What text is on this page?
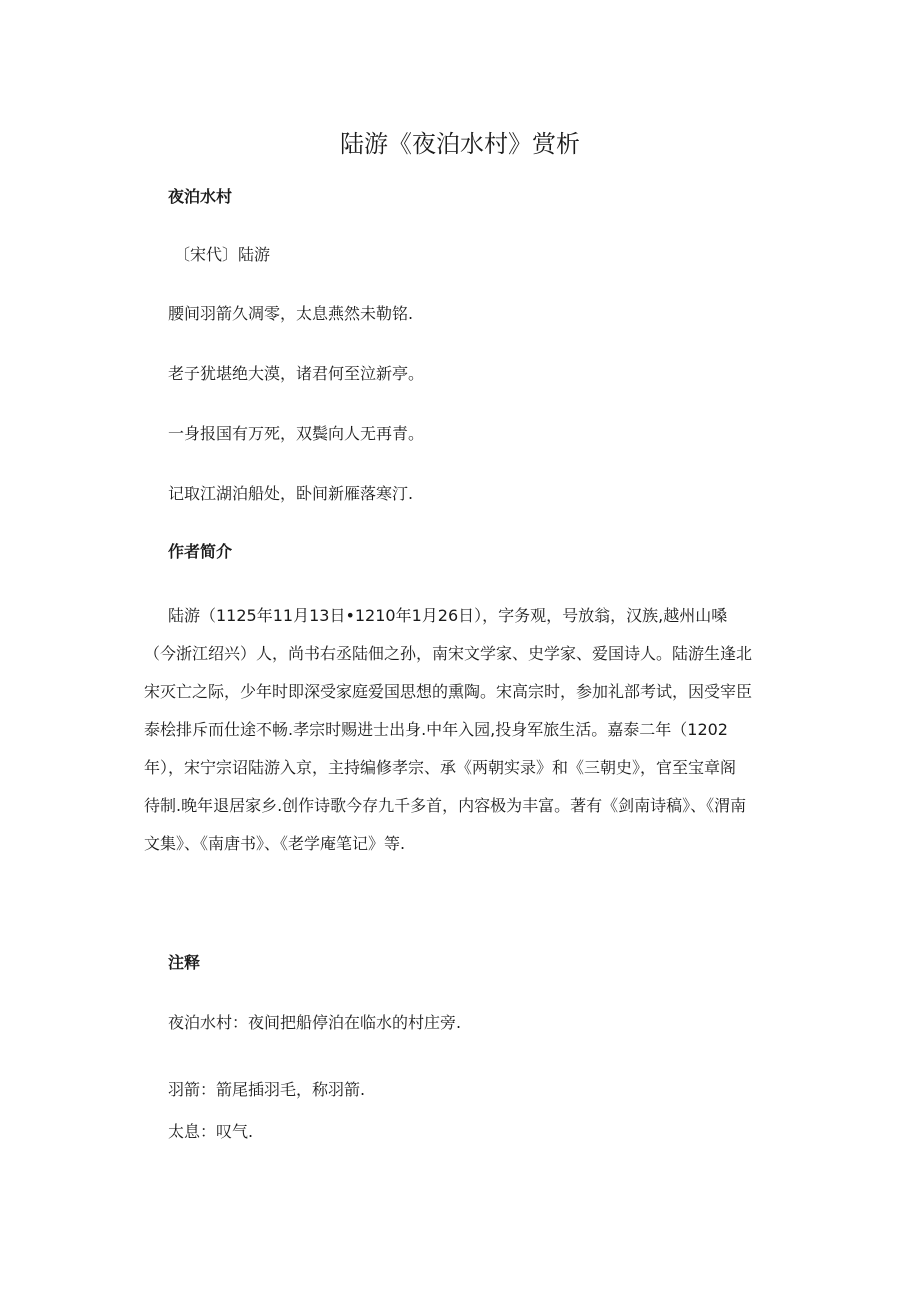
陆游《夜泊水村》赏析
夜泊水村
〔宋代〕陆游
腰间羽箭久凋零，太息燕然未勒铭.
老子犹堪绝大漠，诸君何至泣新亭。
一身报国有万死，双鬓向人无再青。
记取江湖泊船处，卧间新雁落寒汀.
作者简介
陆游（1125年11月13日•1210年1月26日），字务观，号放翁，汉族,越州山嗓
（今浙江绍兴）人，尚书右丞陆佃之孙，南宋文学家、史学家、爱国诗人。陆游生逢北
宋灭亡之际，少年时即深受家庭爱国思想的熏陶。宋高宗时，参加礼部考试，因受宰臣
泰桧排斥而仕途不畅.孝宗时赐进士出身.中年入园,投身军旅生活。嘉泰二年（1202
年），宋宁宗诏陆游入京，主持编修孝宗、承《两朝实录》和《三朝史》，官至宝章阁
待制.晚年退居家乡.创作诗歌今存九千多首，内容极为丰富。著有《剑南诗稿》、《渭南
文集》、《南唐书》、《老学庵笔记》等.
注释
夜泊水村：夜间把船停泊在临水的村庄旁.
羽箭：箭尾插羽毛，称羽箭.
太息：叹气.
